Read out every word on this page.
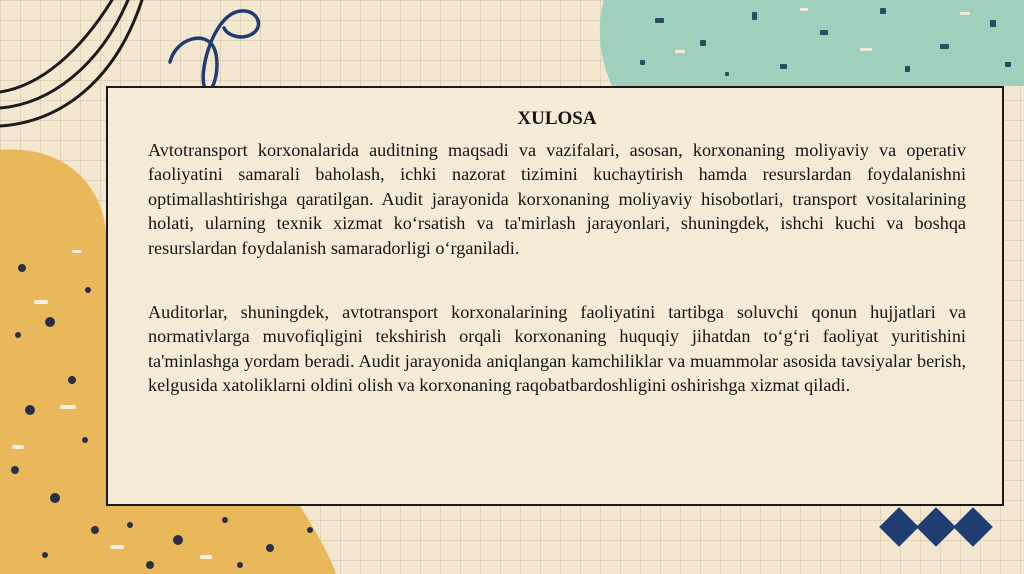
XULOSA

Avtotransport korxonalarida auditning maqsadi va vazifalari, asosan, korxonaning moliyaviy va operativ faoliyatini samarali baholash, ichki nazorat tizimini kuchaytirish hamda resurslardan foydalanishni optimallashtirishga qaratilgan. Audit jarayonida korxonaning moliyaviy hisobotlari, transport vositalarining holati, ularning texnik xizmat ko‘rsatish va ta'mirlash jarayonlari, shuningdek, ishchi kuchi va boshqa resurslardan foydalanish samaradorligi o‘rganiladi.

Auditorlar, shuningdek, avtotransport korxonalarining faoliyatini tartibga soluvchi qonun hujjatlari va normativlarga muvofiqligini tekshirish orqali korxonaning huquqiy jihatdan to‘g‘ri faoliyat yuritishini ta'minlashga yordam beradi. Audit jarayonida aniqlangan kamchiliklar va muammolar asosida tavsiyalar berish, kelgusida xatoliklarni oldini olish va korxonaning raqobatbardoshligini oshirishga xizmat qiladi.
